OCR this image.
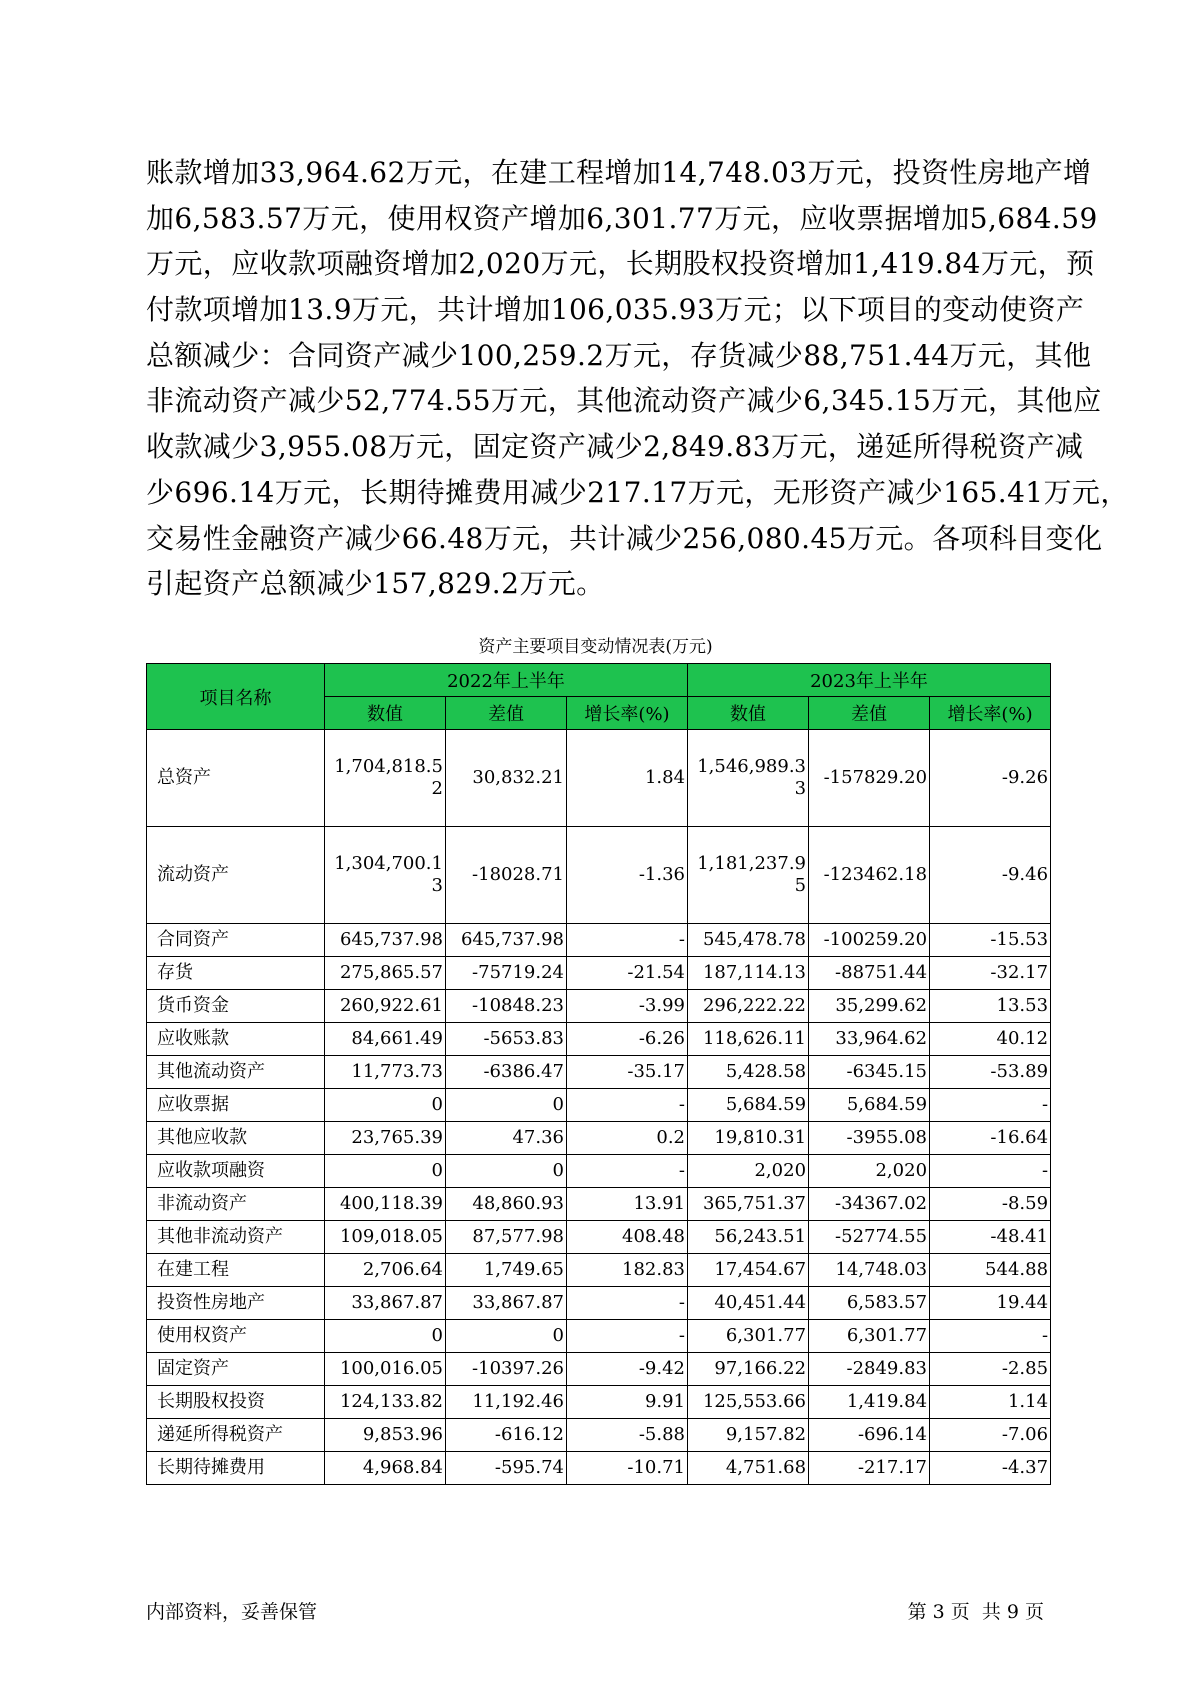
账款增加33,964.62万元，在建工程增加14,748.03万元，投资性房地产增
加6,583.57万元，使用权资产增加6,301.77万元，应收票据增加5,684.59
万元，应收款项融资增加2,020万元，长期股权投资增加1,419.84万元，预
付款项增加13.9万元，共计增加106,035.93万元；以下项目的变动使资产
总额减少：合同资产减少100,259.2万元，存货减少88,751.44万元，其他
非流动资产减少52,774.55万元，其他流动资产减少6,345.15万元，其他应
收款减少3,955.08万元，固定资产减少2,849.83万元，递延所得税资产减
少696.14万元，长期待摊费用减少217.17万元，无形资产减少165.41万元，
交易性金融资产减少66.48万元，共计减少256,080.45万元。各项科目变化
引起资产总额减少157,829.2万元。
资产主要项目变动情况表(万元)
项目名称	2022年上半年			2023年上半年		
	数值	差值	增长率(%)	数值	差值	增长率(%)
总资产	1,704,818.52	30,832.21	1.84	1,546,989.33	-157829.20	-9.26
流动资产	1,304,700.13	-18028.71	-1.36	1,181,237.95	-123462.18	-9.46
合同资产	645,737.98	645,737.98	-	545,478.78	-100259.20	-15.53
存货	275,865.57	-75719.24	-21.54	187,114.13	-88751.44	-32.17
货币资金	260,922.61	-10848.23	-3.99	296,222.22	35,299.62	13.53
应收账款	84,661.49	-5653.83	-6.26	118,626.11	33,964.62	40.12
其他流动资产	11,773.73	-6386.47	-35.17	5,428.58	-6345.15	-53.89
应收票据	0	0	-	5,684.59	5,684.59	-
其他应收款	23,765.39	47.36	0.2	19,810.31	-3955.08	-16.64
应收款项融资	0	0	-	2,020	2,020	-
非流动资产	400,118.39	48,860.93	13.91	365,751.37	-34367.02	-8.59
其他非流动资产	109,018.05	87,577.98	408.48	56,243.51	-52774.55	-48.41
在建工程	2,706.64	1,749.65	182.83	17,454.67	14,748.03	544.88
投资性房地产	33,867.87	33,867.87	-	40,451.44	6,583.57	19.44
使用权资产	0	0	-	6,301.77	6,301.77	-
固定资产	100,016.05	-10397.26	-9.42	97,166.22	-2849.83	-2.85
长期股权投资	124,133.82	11,192.46	9.91	125,553.66	1,419.84	1.14
递延所得税资产	9,853.96	-616.12	-5.88	9,157.82	-696.14	-7.06
长期待摊费用	4,968.84	-595.74	-10.71	4,751.68	-217.17	-4.37
内部资料，妥善保管	第 3 页  共 9 页
